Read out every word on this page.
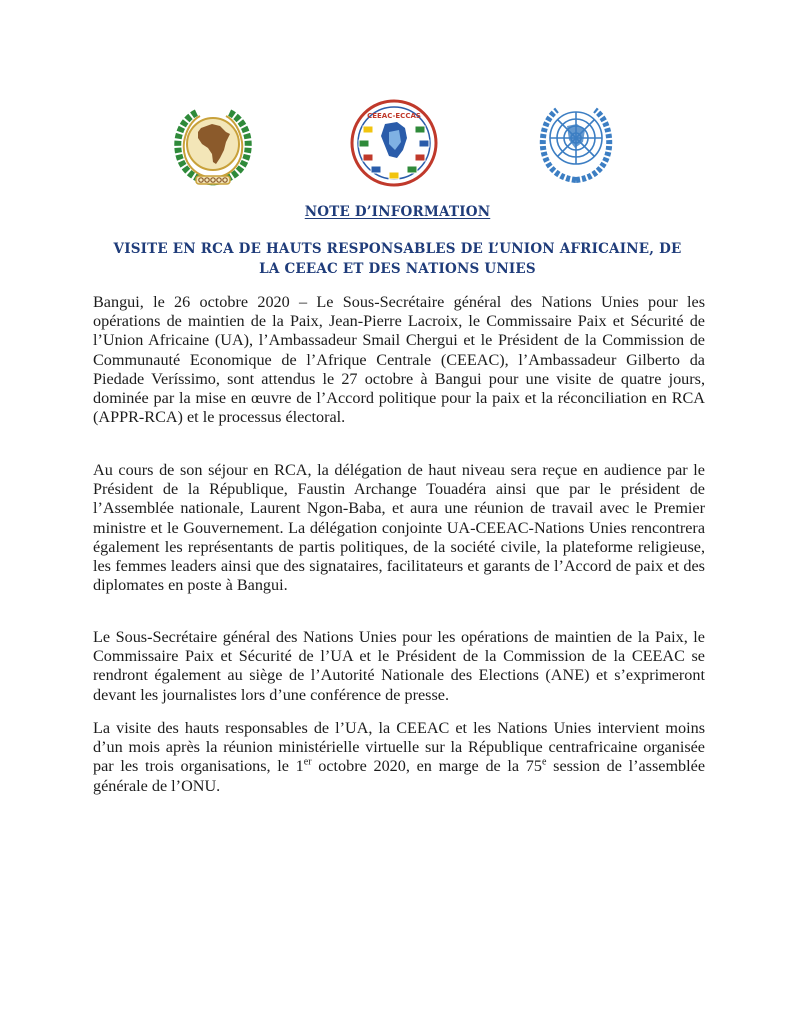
CEEAC-ECCAS
NOTE D’INFORMATION
VISITE EN RCA DE HAUTS RESPONSABLES DE L’UNION AFRICAINE, DE
LA CEEAC ET DES NATIONS UNIES

Bangui, le 26 octobre 2020 – Le Sous-Secrétaire général des Nations Unies pour les opérations de maintien de la Paix, Jean-Pierre Lacroix, le Commissaire Paix et Sécurité de l’Union Africaine (UA), l’Ambassadeur Smail Chergui et le Président de la Commission de Communauté Economique de l’Afrique Centrale (CEEAC), l’Ambassadeur Gilberto da Piedade Veríssimo, sont attendus le 27 octobre à Bangui pour une visite de quatre jours, dominée par la mise en œuvre de l’Accord politique pour la paix et la réconciliation en RCA (APPR-RCA) et le processus électoral.

Au cours de son séjour en RCA, la délégation de haut niveau sera reçue en audience par le Président de la République, Faustin Archange Touadéra ainsi que par le président de l’Assemblée nationale, Laurent Ngon-Baba, et aura une réunion de travail avec le Premier ministre et le Gouvernement. La délégation conjointe UA-CEEAC-Nations Unies rencontrera également les représentants de partis politiques, de la société civile, la plateforme religieuse, les femmes leaders ainsi que des signataires, facilitateurs et garants de l’Accord de paix et des diplomates en poste à Bangui.

Le Sous-Secrétaire général des Nations Unies pour les opérations de maintien de la Paix, le Commissaire Paix et Sécurité de l’UA et le Président de la Commission de la CEEAC se rendront également au siège de l’Autorité Nationale des Elections (ANE) et s’exprimeront devant les journalistes lors d’une conférence de presse.

La visite des hauts responsables de l’UA, la CEEAC et les Nations Unies intervient moins d’un mois après la réunion ministérielle virtuelle sur la République centrafricaine organisée par les trois organisations, le 1er octobre 2020, en marge de la 75e session de l’assemblée générale de l’ONU.
